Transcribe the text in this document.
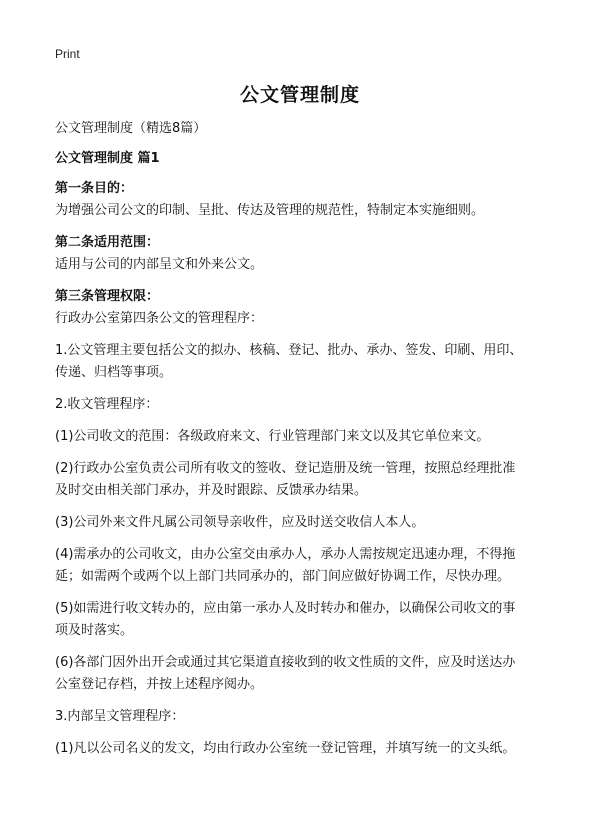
Print
公文管理制度

公文管理制度（精选8篇）

公文管理制度 篇1

第一条目的：

为增强公司公文的印制、呈批、传达及管理的规范性，特制定本实施细则。

第二条适用范围：

适用与公司的内部呈文和外来公文。

第三条管理权限：

行政办公室第四条公文的管理程序：

1.公文管理主要包括公文的拟办、核稿、登记、批办、承办、签发、印刷、用印、

传递、归档等事项。

2.收文管理程序：

(1)公司收文的范围：各级政府来文、行业管理部门来文以及其它单位来文。

(2)行政办公室负责公司所有收文的签收、登记造册及统一管理，按照总经理批准

及时交由相关部门承办，并及时跟踪、反馈承办结果。

(3)公司外来文件凡属公司领导亲收件，应及时送交收信人本人。

(4)需承办的公司收文，由办公室交由承办人，承办人需按规定迅速办理，不得拖

延；如需两个或两个以上部门共同承办的，部门间应做好协调工作，尽快办理。

(5)如需进行收文转办的，应由第一承办人及时转办和催办，以确保公司收文的事

项及时落实。

(6)各部门因外出开会或通过其它渠道直接收到的收文性质的文件，应及时送达办

公室登记存档，并按上述程序阅办。

3.内部呈文管理程序：

(1)凡以公司名义的发文，均由行政办公室统一登记管理，并填写统一的文头纸。
